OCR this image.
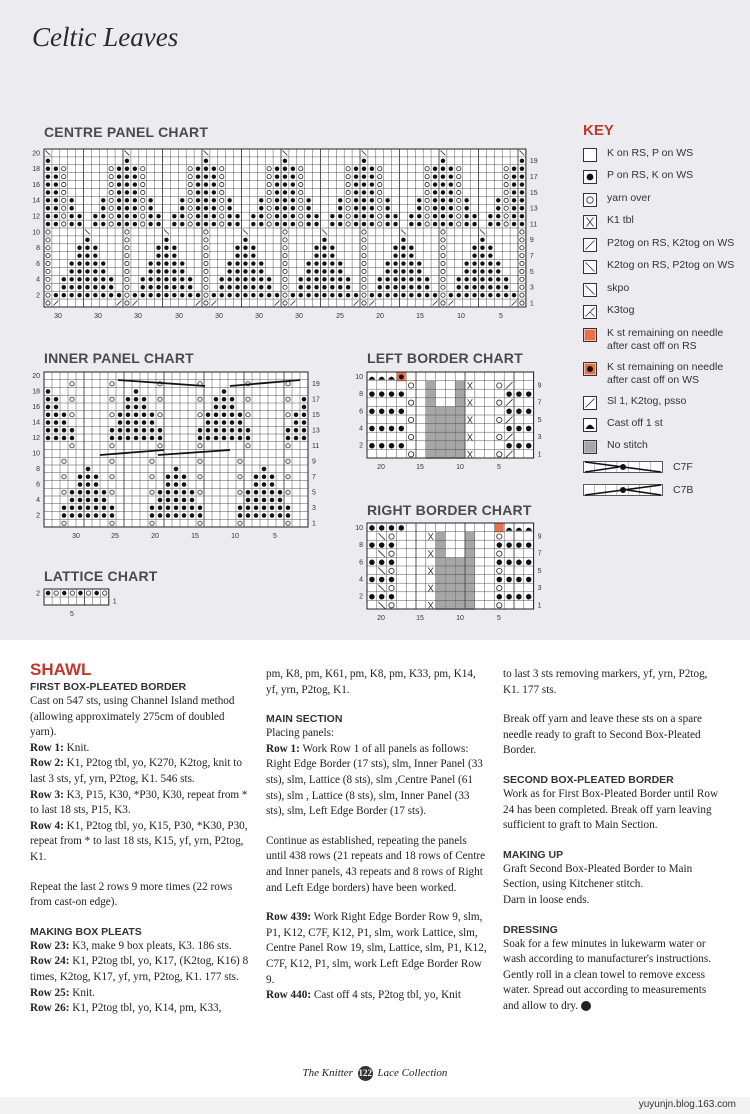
Celtic Leaves
CENTRE PANEL CHART
20
18
16
14
12
10
8
6
4
2
19
17
15
13
11
9
7
5
3
1
30	30	30	30	30	30	30	25	20	15	10	5
20
18
16
14
12
10
8
6
4
2
19
17
15
13
11
9
7
5
3
1
30	25	20	15	10	5
10
8
6
4
2
9
7
5
3
1
20	15	10	5
10
8
6
4
2
9
7
5
3
1
20	15	10	5
2
1
5
INNER PANEL CHART	LEFT BORDER CHART
RIGHT BORDER CHART
LATTICE CHART
KEY
K on RS, P on WS
P on RS, K on WS
yarn over
K1 tbl
P2tog on RS, K2tog on WS
K2tog on RS, P2tog on WS
skpo
K3tog
K st remaining on needle after cast off on RS
K st remaining on needle after cast off on WS
Sl 1, K2tog, psso
Cast off 1 st
No stitch
C7F
C7B

SHAWL

FIRST BOX-PLEATED BORDER

Cast on 547 sts, using Channel Island method (allowing approximately 275cm of doubled yarn).

Row 1: Knit.

Row 2: K1, P2tog tbl, yo, K270, K2tog, knit to last 3 sts, yf, yrn, P2tog, K1. 546 sts.

Row 3: K3, P15, K30, *P30, K30, repeat from * to last 18 sts, P15, K3.

Row 4: K1, P2tog tbl, yo, K15, P30, *K30, P30, repeat from * to last 18 sts, K15, yf, yrn, P2tog, K1.

Repeat the last 2 rows 9 more times (22 rows from cast-on edge).

MAKING BOX PLEATS

Row 23: K3, make 9 box pleats, K3. 186 sts.

Row 24: K1, P2tog tbl, yo, K17, (K2tog, K16) 8 times, K2tog, K17, yf, yrn, P2tog, K1. 177 sts.

Row 25: Knit.

Row 26: K1, P2tog tbl, yo, K14, pm, K33,

pm, K8, pm, K61, pm, K8, pm, K33, pm, K14, yf, yrn, P2tog, K1.

MAIN SECTION

Placing panels:

Row 1: Work Row 1 of all panels as follows: Right Edge Border (17 sts), slm, Inner Panel (33 sts), slm, Lattice (8 sts), slm ,Centre Panel (61 sts), slm , Lattice (8 sts), slm, Inner Panel (33 sts), slm, Left Edge Border (17 sts).

Continue as established, repeating the panels until 438 rows (21 repeats and 18 rows of Centre and Inner panels, 43 repeats and 8 rows of Right and Left Edge borders) have been worked.

Row 439: Work Right Edge Border Row 9, slm, P1, K12, C7F, K12, P1, slm, work Lattice, slm, Centre Panel Row 19, slm, Lattice, slm, P1, K12, C7F, K12, P1, slm, work Left Edge Border Row 9.

Row 440: Cast off 4 sts, P2tog tbl, yo, Knit

to last 3 sts removing markers, yf, yrn, P2tog, K1. 177 sts.

Break off yarn and leave these sts on a spare needle ready to graft to Second Box-Pleated Border.

SECOND BOX-PLEATED BORDER

Work as for First Box-Pleated Border until Row 24 has been completed. Break off yarn leaving sufficient to graft to Main Section.

MAKING UP

Graft Second Box-Pleated Border to Main Section, using Kitchener stitch.

Darn in loose ends.

DRESSING

Soak for a few minutes in lukewarm water or wash according to manufacturer's instructions. Gently roll in a clean towel to remove excess water. Spread out according to measurements and allow to dry.

The Knitter 122 Lace Collection
yuyunjn.blog.163.com
